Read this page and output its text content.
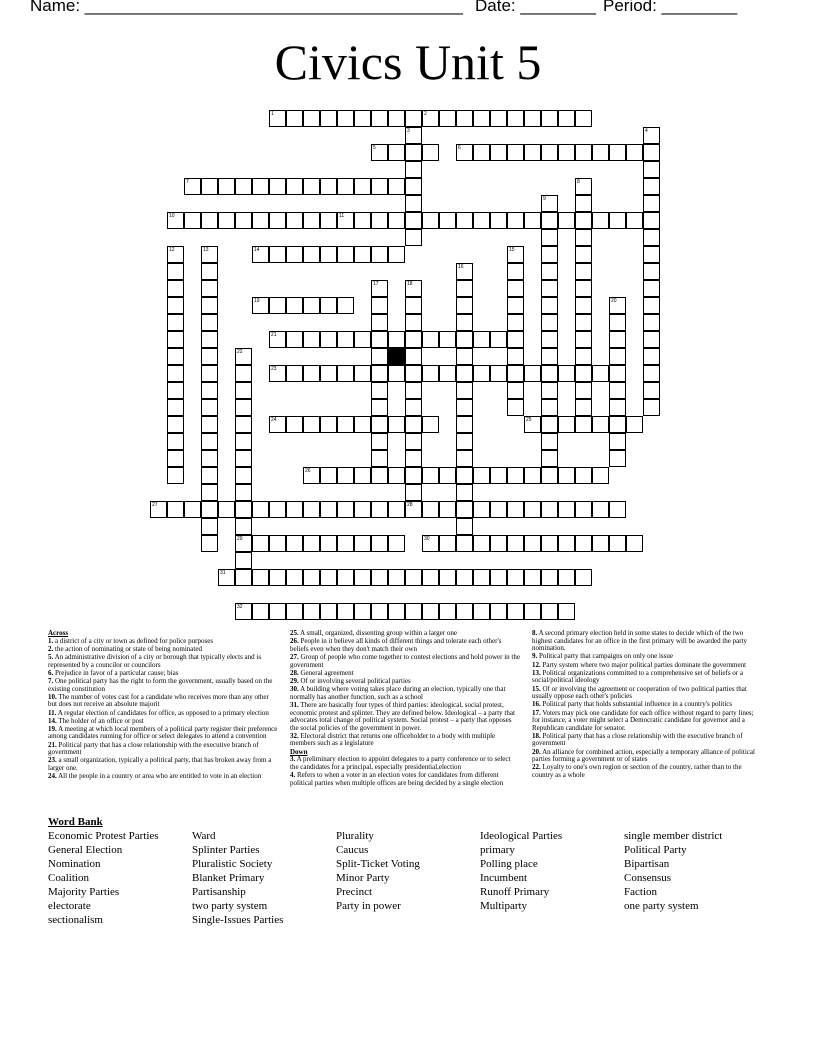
Name: ________________________________________ Date: ________ Period: ________
Civics Unit 5
1	2
3	4
5	6
7	8
9
10	11
12	13	14	15
16
17	18
28
19	20
21
22
29
23
24	25
26
27
30
31
32
Across

1. a district of a city or town as defined for police purposes

2. the action of nominating or state of being nominated

5. An administrative division of a city or borough that typically elects and is represented by a councilor or councilors

6. Prejudice in favor of a particular cause; bias

7. One political party has the right to form the government, usually based on the existing constitution

10. The number of votes cast for a candidate who receives more than any other but does not receive an absolute majorit

11. A regular election of candidates for office, as opposed to a primary election

14. The holder of an office or post

19. A meeting at which local members of a political party register their preference among candidates running for office or select delegates to attend a convention

21. Political party that has a close relationship with the executive branch of government

23. a small organization, typically a political party, that has broken away from a larger one.

24. All the people in a country or area who are entitled to vote in an election

25. A small, organized, dissenting group within a larger one

26. People in it believe all kinds of different things and tolerate each other's beliefs even when they don't match their own

27. Group of people who come together to contest elections and hold power in the government

28. General agreement

29. Of or involving several political parties

30. A building where voting takes place during an election, typically one that normally has another function, such as a school

31. There are basically four types of third parties: ideological, social protest, economic protest and splinter. They are defined below. Ideological – a party that advocates total change of political system. Social protest – a party that opposes the social policies of the government in power.

32. Electoral district that returns one officeholder to a body with multiple members such as a legislature

Down

3. A preliminary election to appoint delegates to a party conference or to select the candidates for a principal, especially presidential,election

4. Refers to when a voter in an election votes for candidates from different political parties when multiple offices are being decided by a single election

8. A second primary election held in some states to decide which of the two highest candidates for an office in the first primary will be awarded the party nomination.

9. Political party that campaigns on only one issue

12. Party system where two major political parties dominate the government

13. Political organizations committed to a comprehensive set of beliefs or a social/political ideology

15. Of or involving the agreement or cooperation of two political parties that usually oppose each other's policies

16. Political party that holds substantial influence in a country's politics

17. Voters may pick one candidate for each office without regard to party lines; for instance, a voter might select a Democratic candidate for governor and a Republican candidate for senator.

18. Political party that has a close relationship with the executive branch of government

20. An alliance for combined action, especially a temporary alliance of political parties forming a government or of states

22. Loyalty to one's own region or section of the country, rather than to the country as a whole

Word Bank
Economic Protest Parties
General Election
Nomination
Coalition
Majority Parties
electorate
sectionalism
Ward
Splinter Parties
Pluralistic Society
Blanket Primary
Partisanship
two party system
Single-Issues Parties
Plurality
Caucus
Split-Ticket Voting
Minor Party
Precinct
Party in power
Ideological Parties
primary
Polling place
Incumbent
Runoff Primary
Multiparty
single member district
Political Party
Bipartisan
Consensus
Faction
one party system
